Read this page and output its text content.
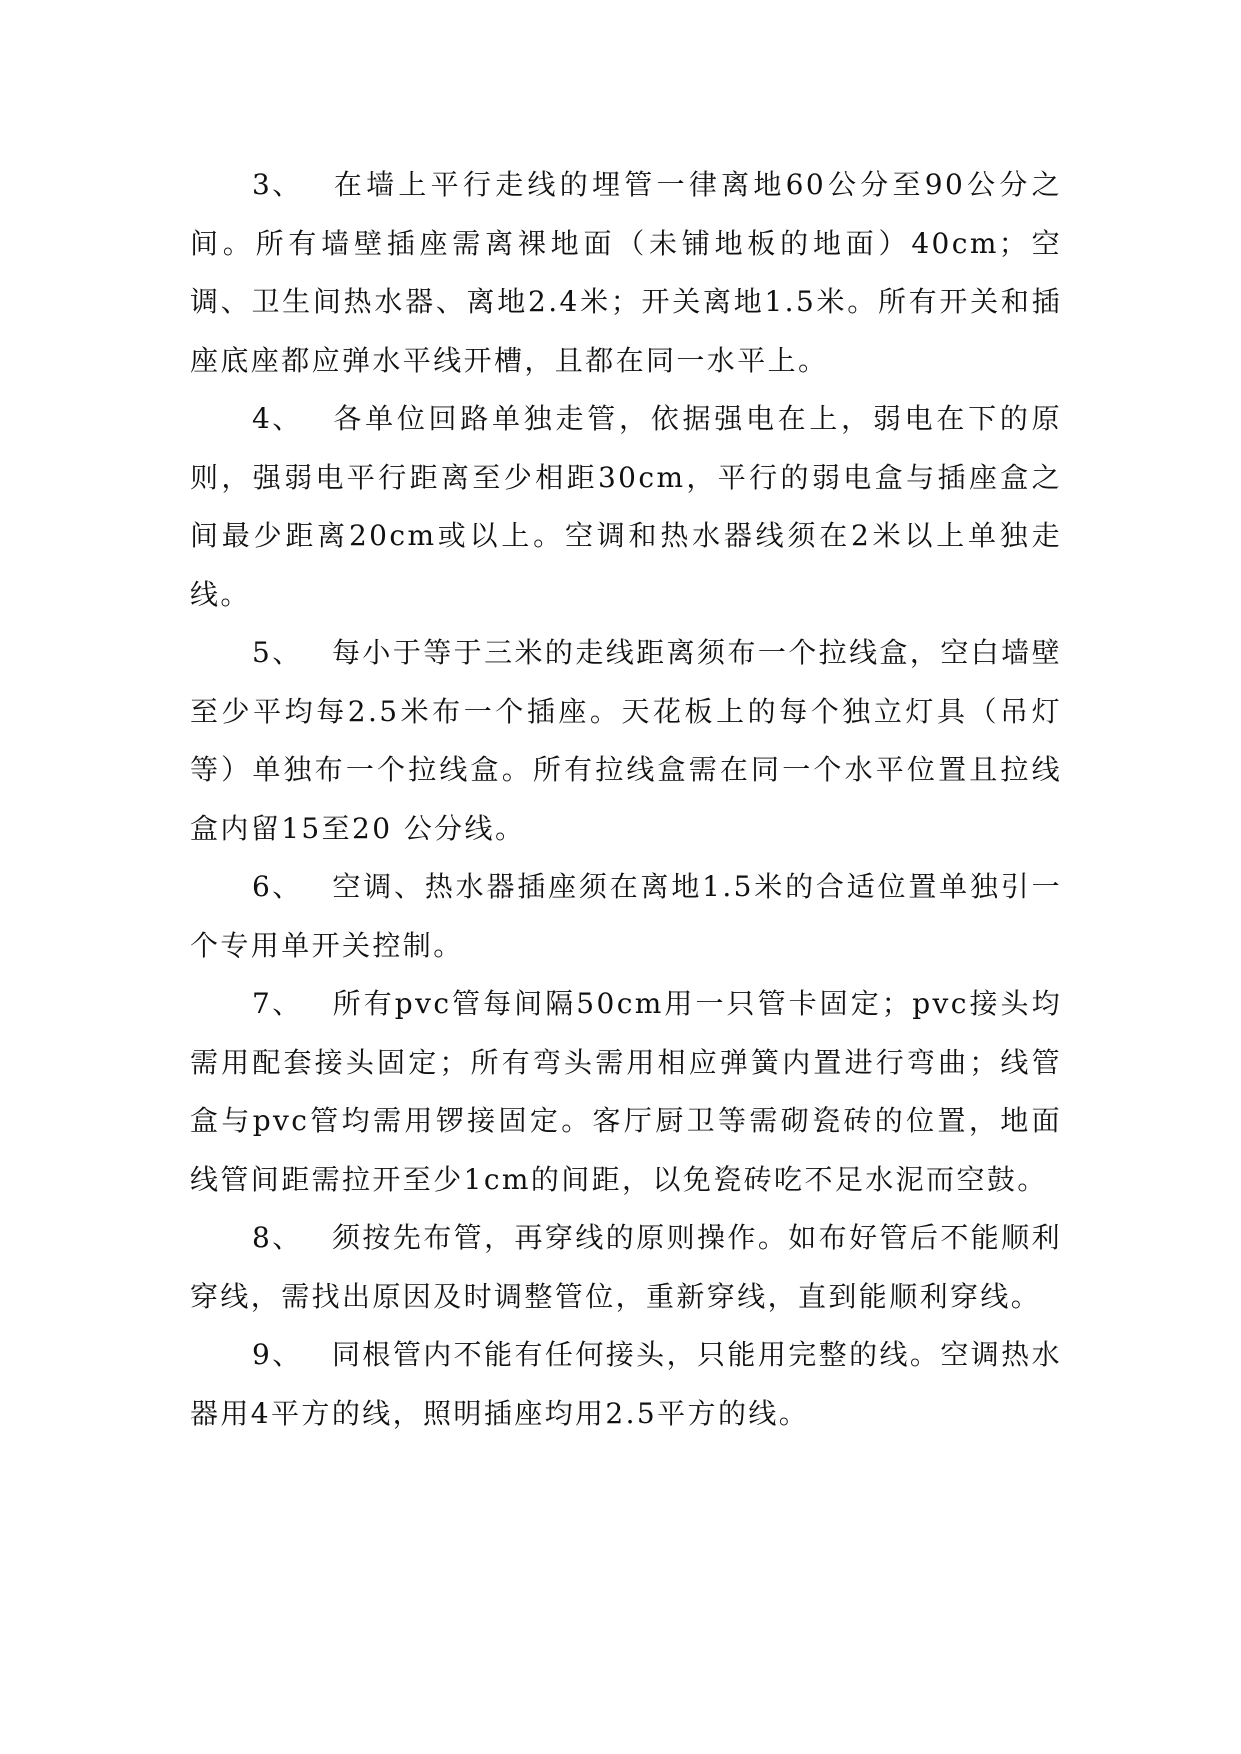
3、 在墙上平行走线的埋管一律离地60公分至90公分之间。所有墙壁插座需离裸地面（未铺地板的地面）40cm；空调、卫生间热水器、离地2.4米；开关离地1.5米。所有开关和插座底座都应弹水平线开槽，且都在同一水平上。

4、 各单位回路单独走管，依据强电在上，弱电在下的原则，强弱电平行距离至少相距30cm，平行的弱电盒与插座盒之间最少距离20cm或以上。空调和热水器线须在2米以上单独走线。

5、 每小于等于三米的走线距离须布一个拉线盒，空白墙壁至少平均每2.5米布一个插座。天花板上的每个独立灯具（吊灯等）单独布一个拉线盒。所有拉线盒需在同一个水平位置且拉线盒内留15至20 公分线。

6、 空调、热水器插座须在离地1.5米的合适位置单独引一个专用单开关控制。

7、 所有pvc管每间隔50cm用一只管卡固定；pvc接头均需用配套接头固定；所有弯头需用相应弹簧内置进行弯曲；线管盒与pvc管均需用锣接固定。客厅厨卫等需砌瓷砖的位置，地面线管间距需拉开至少1cm的间距，以免瓷砖吃不足水泥而空鼓。

8、 须按先布管，再穿线的原则操作。如布好管后不能顺利穿线，需找出原因及时调整管位，重新穿线，直到能顺利穿线。

9、 同根管内不能有任何接头，只能用完整的线。空调热水器用4平方的线，照明插座均用2.5平方的线。
